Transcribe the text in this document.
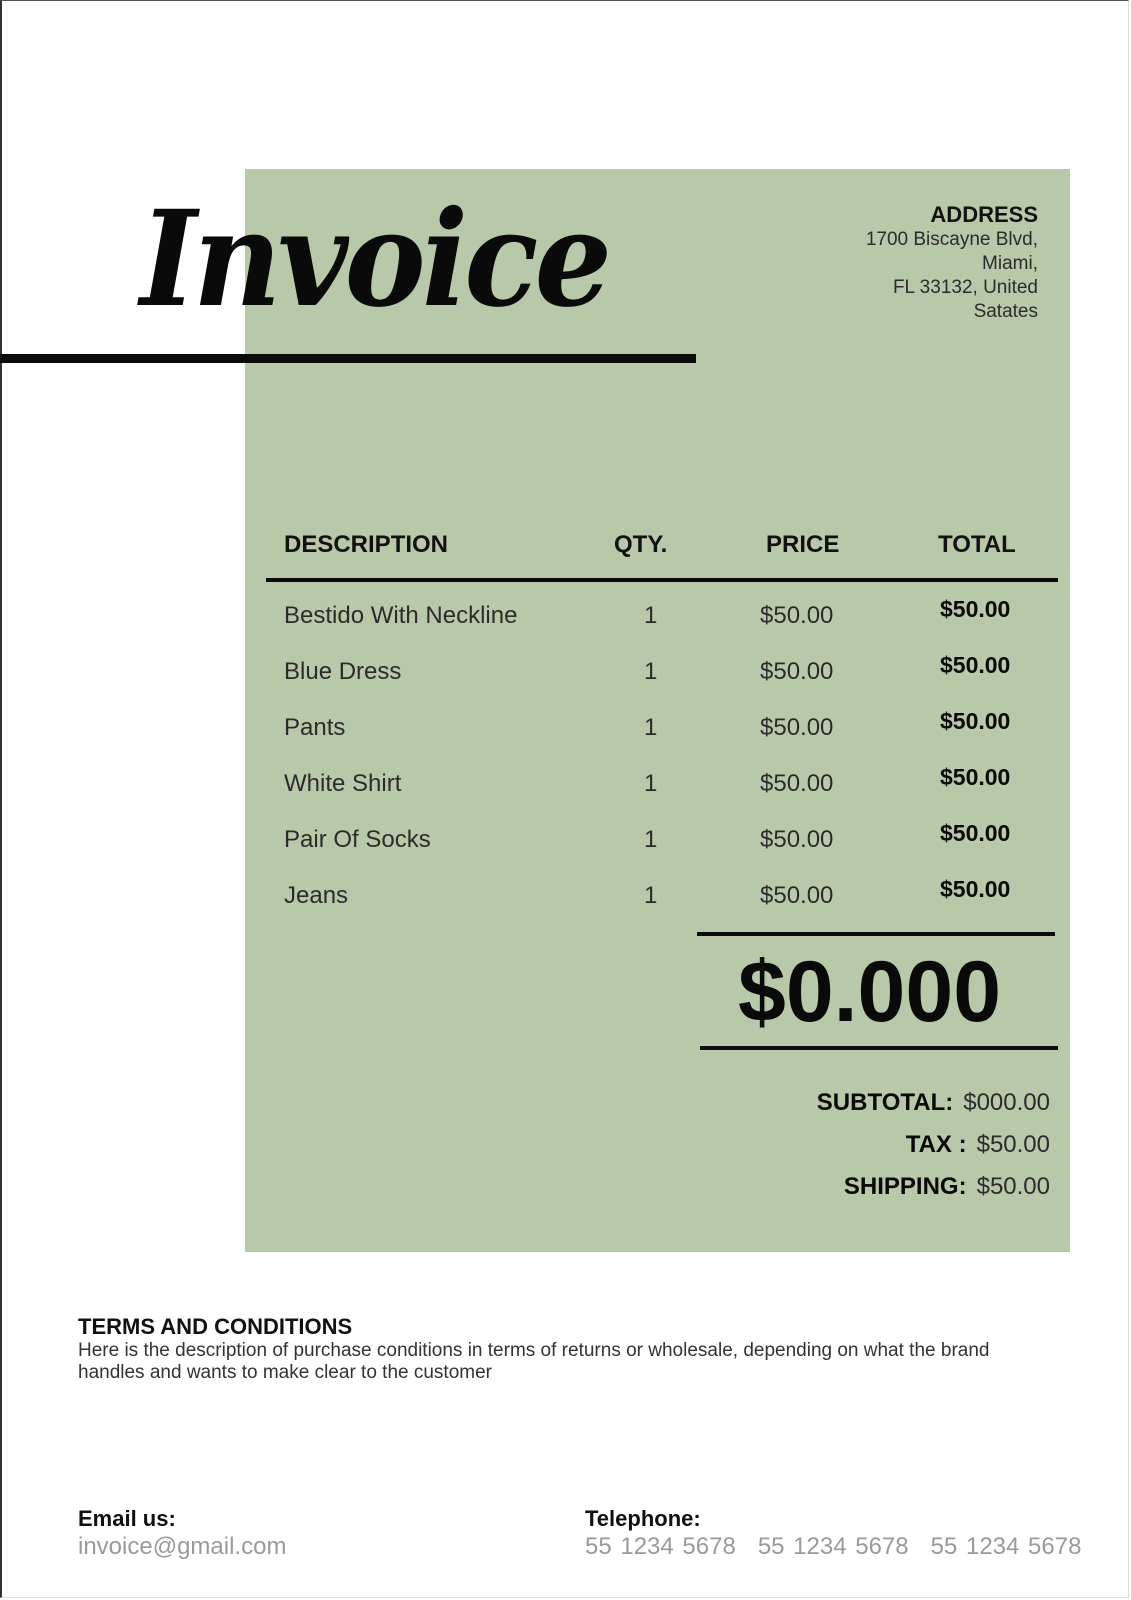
Invoice	ADDRESS
1700 Biscayne Blvd,
Miami,
FL 33132, United
Satates
DESCRIPTION	QTY.	PRICE	TOTAL
Bestido With Neckline	1	$50.00	$50.00
Blue Dress	1	$50.00	$50.00
Pants	1	$50.00	$50.00
White Shirt	1	$50.00	$50.00
Pair Of Socks	1	$50.00	$50.00
Jeans	1	$50.00	$50.00
$0.000
SUBTOTAL: $000.00
TAX : $50.00
SHIPPING: $50.00
TERMS AND CONDITIONS
Here is the description of purchase conditions in terms of returns or wholesale, depending on what the brand handles and wants to make clear to the customer
Email us:
invoice@gmail.com
Telephone:
55 1234 5678 55 1234 5678 55 1234 5678
